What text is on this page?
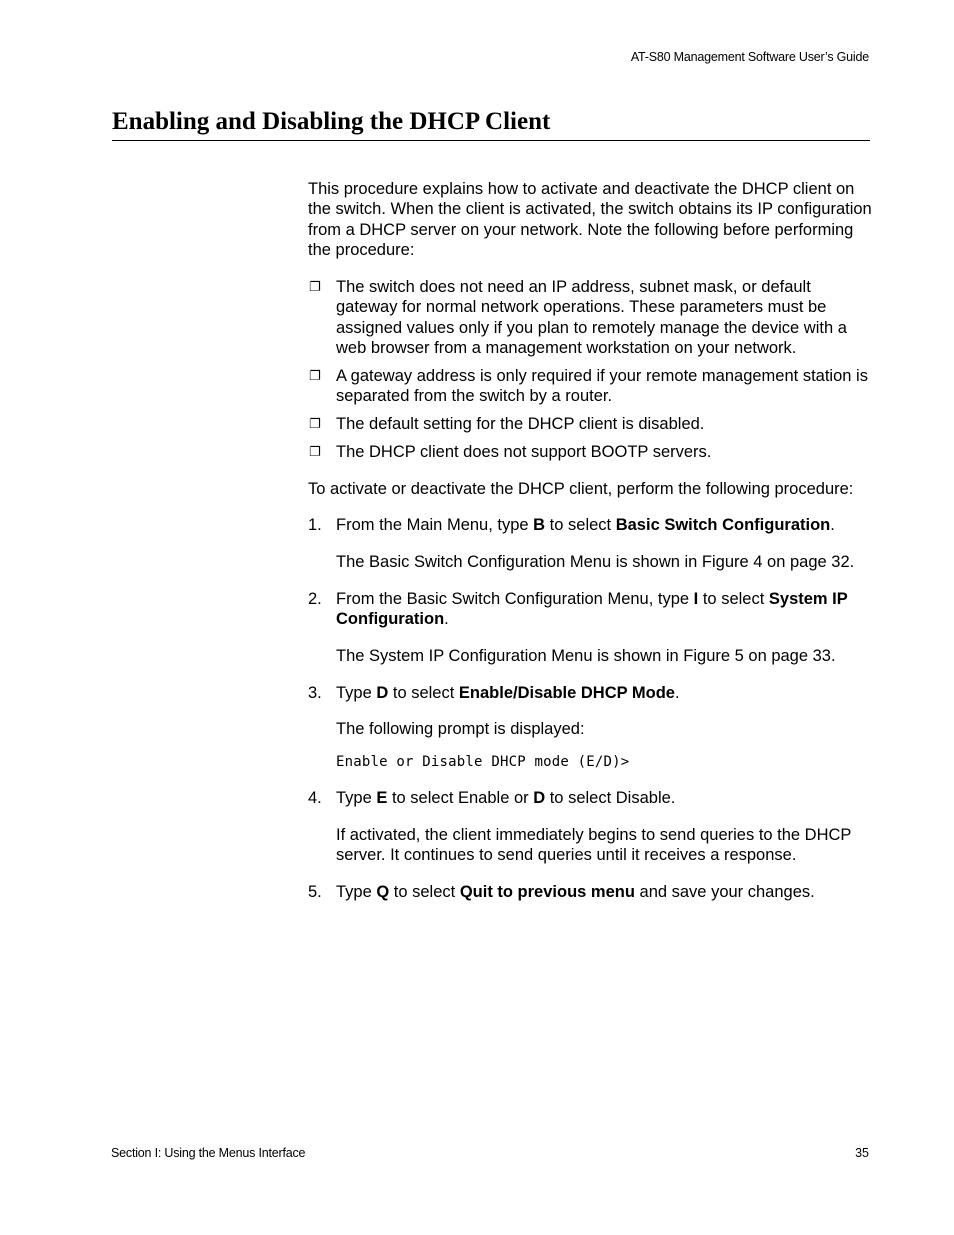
AT-S80 Management Software User’s Guide
Enabling and Disabling the DHCP Client

This procedure explains how to activate and deactivate the DHCP client on the switch. When the client is activated, the switch obtains its IP configuration from a DHCP server on your network. Note the following before performing the procedure:

❐ The switch does not need an IP address, subnet mask, or default gateway for normal network operations. These parameters must be assigned values only if you plan to remotely manage the device with a web browser from a management workstation on your network.
❐ A gateway address is only required if your remote management station is separated from the switch by a router.
❐ The default setting for the DHCP client is disabled.
❐ The DHCP client does not support BOOTP servers.

To activate or deactivate the DHCP client, perform the following procedure:

1. From the Main Menu, type B to select Basic Switch Configuration.
The Basic Switch Configuration Menu is shown in Figure 4 on page 32.
2. From the Basic Switch Configuration Menu, type I to select System IP Configuration.
The System IP Configuration Menu is shown in Figure 5 on page 33.
3. Type D to select Enable/Disable DHCP Mode.
The following prompt is displayed:
Enable or Disable DHCP mode (E/D)>
4. Type E to select Enable or D to select Disable.
If activated, the client immediately begins to send queries to the DHCP server. It continues to send queries until it receives a response.
5. Type Q to select Quit to previous menu and save your changes.
Section I: Using the Menus Interface	35
